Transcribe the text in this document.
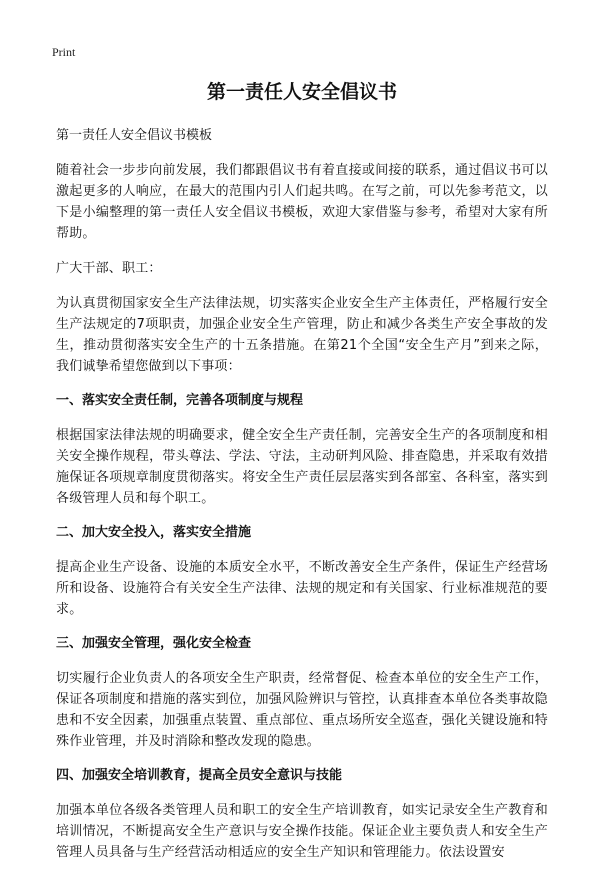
Print
第一责任人安全倡议书
第一责任人安全倡议书模板

随着社会一步步向前发展，我们都跟倡议书有着直接或间接的联系，通过倡议书可以激起更多的人响应，在最大的范围内引人们起共鸣。在写之前，可以先参考范文，以下是小编整理的第一责任人安全倡议书模板，欢迎大家借鉴与参考，希望对大家有所帮助。

广大干部、职工：

为认真贯彻国家安全生产法律法规，切实落实企业安全生产主体责任，严格履行安全生产法规定的7项职责，加强企业安全生产管理，防止和减少各类生产安全事故的发生，推动贯彻落实安全生产的十五条措施。在第21个全国“安全生产月”到来之际，我们诚挚希望您做到以下事项：

一、落实安全责任制，完善各项制度与规程

根据国家法律法规的明确要求，健全安全生产责任制，完善安全生产的各项制度和相关安全操作规程，带头尊法、学法、守法，主动研判风险、排查隐患，并采取有效措施保证各项规章制度贯彻落实。将安全生产责任层层落实到各部室、各科室，落实到各级管理人员和每个职工。

二、加大安全投入，落实安全措施

提高企业生产设备、设施的本质安全水平，不断改善安全生产条件，保证生产经营场所和设备、设施符合有关安全生产法律、法规的规定和有关国家、行业标准规范的要求。

三、加强安全管理，强化安全检查

切实履行企业负责人的各项安全生产职责，经常督促、检查本单位的安全生产工作，保证各项制度和措施的落实到位，加强风险辨识与管控，认真排查本单位各类事故隐患和不安全因素，加强重点装置、重点部位、重点场所安全巡查，强化关键设施和特殊作业管理，并及时消除和整改发现的隐患。

四、加强安全培训教育，提高全员安全意识与技能

加强本单位各级各类管理人员和职工的安全生产培训教育，如实记录安全生产教育和培训情况，不断提高安全生产意识与安全操作技能。保证企业主要负责人和安全生产管理人员具备与生产经营活动相适应的安全生产知识和管理能力。依法设置安
